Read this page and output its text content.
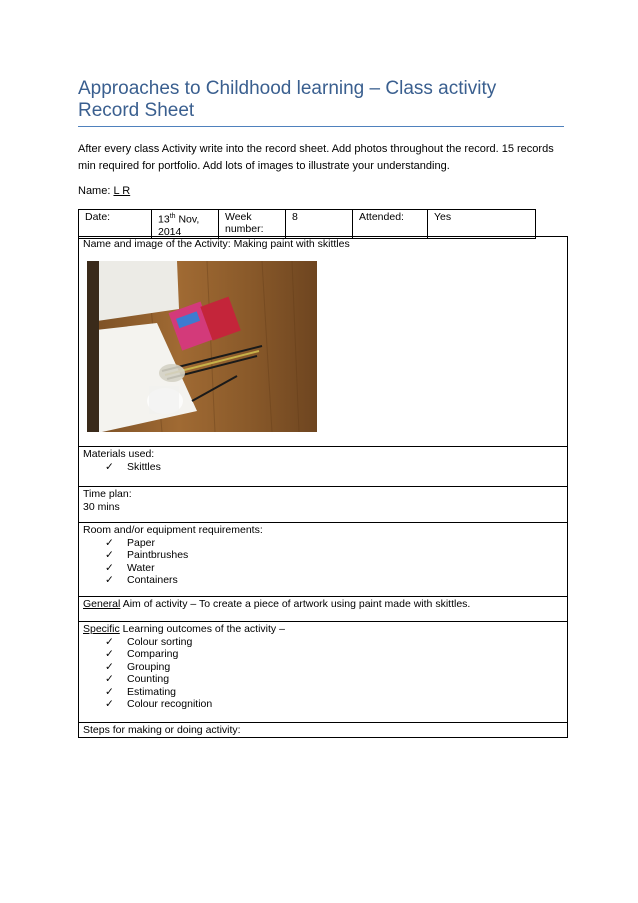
Approaches to Childhood learning – Class activity Record Sheet

After every class Activity write into the record sheet. Add photos throughout the record. 15 records min required for portfolio. Add lots of images to illustrate your understanding.

Name: L R
Date:	13th Nov, 2014	Week number:	8	Attended:	Yes
Name and image of the Activity: Making paint with skittles

Materials used:
✓ Skittles

Time plan:
30 mins

Room and/or equipment requirements:
✓ Paper
✓ Paintbrushes
✓ Water
✓ Containers

General Aim of activity – To create a piece of artwork using paint made with skittles.

Specific Learning outcomes of the activity –
✓ Colour sorting
✓ Comparing
✓ Grouping
✓ Counting
✓ Estimating
✓ Colour recognition

Steps for making or doing activity:
